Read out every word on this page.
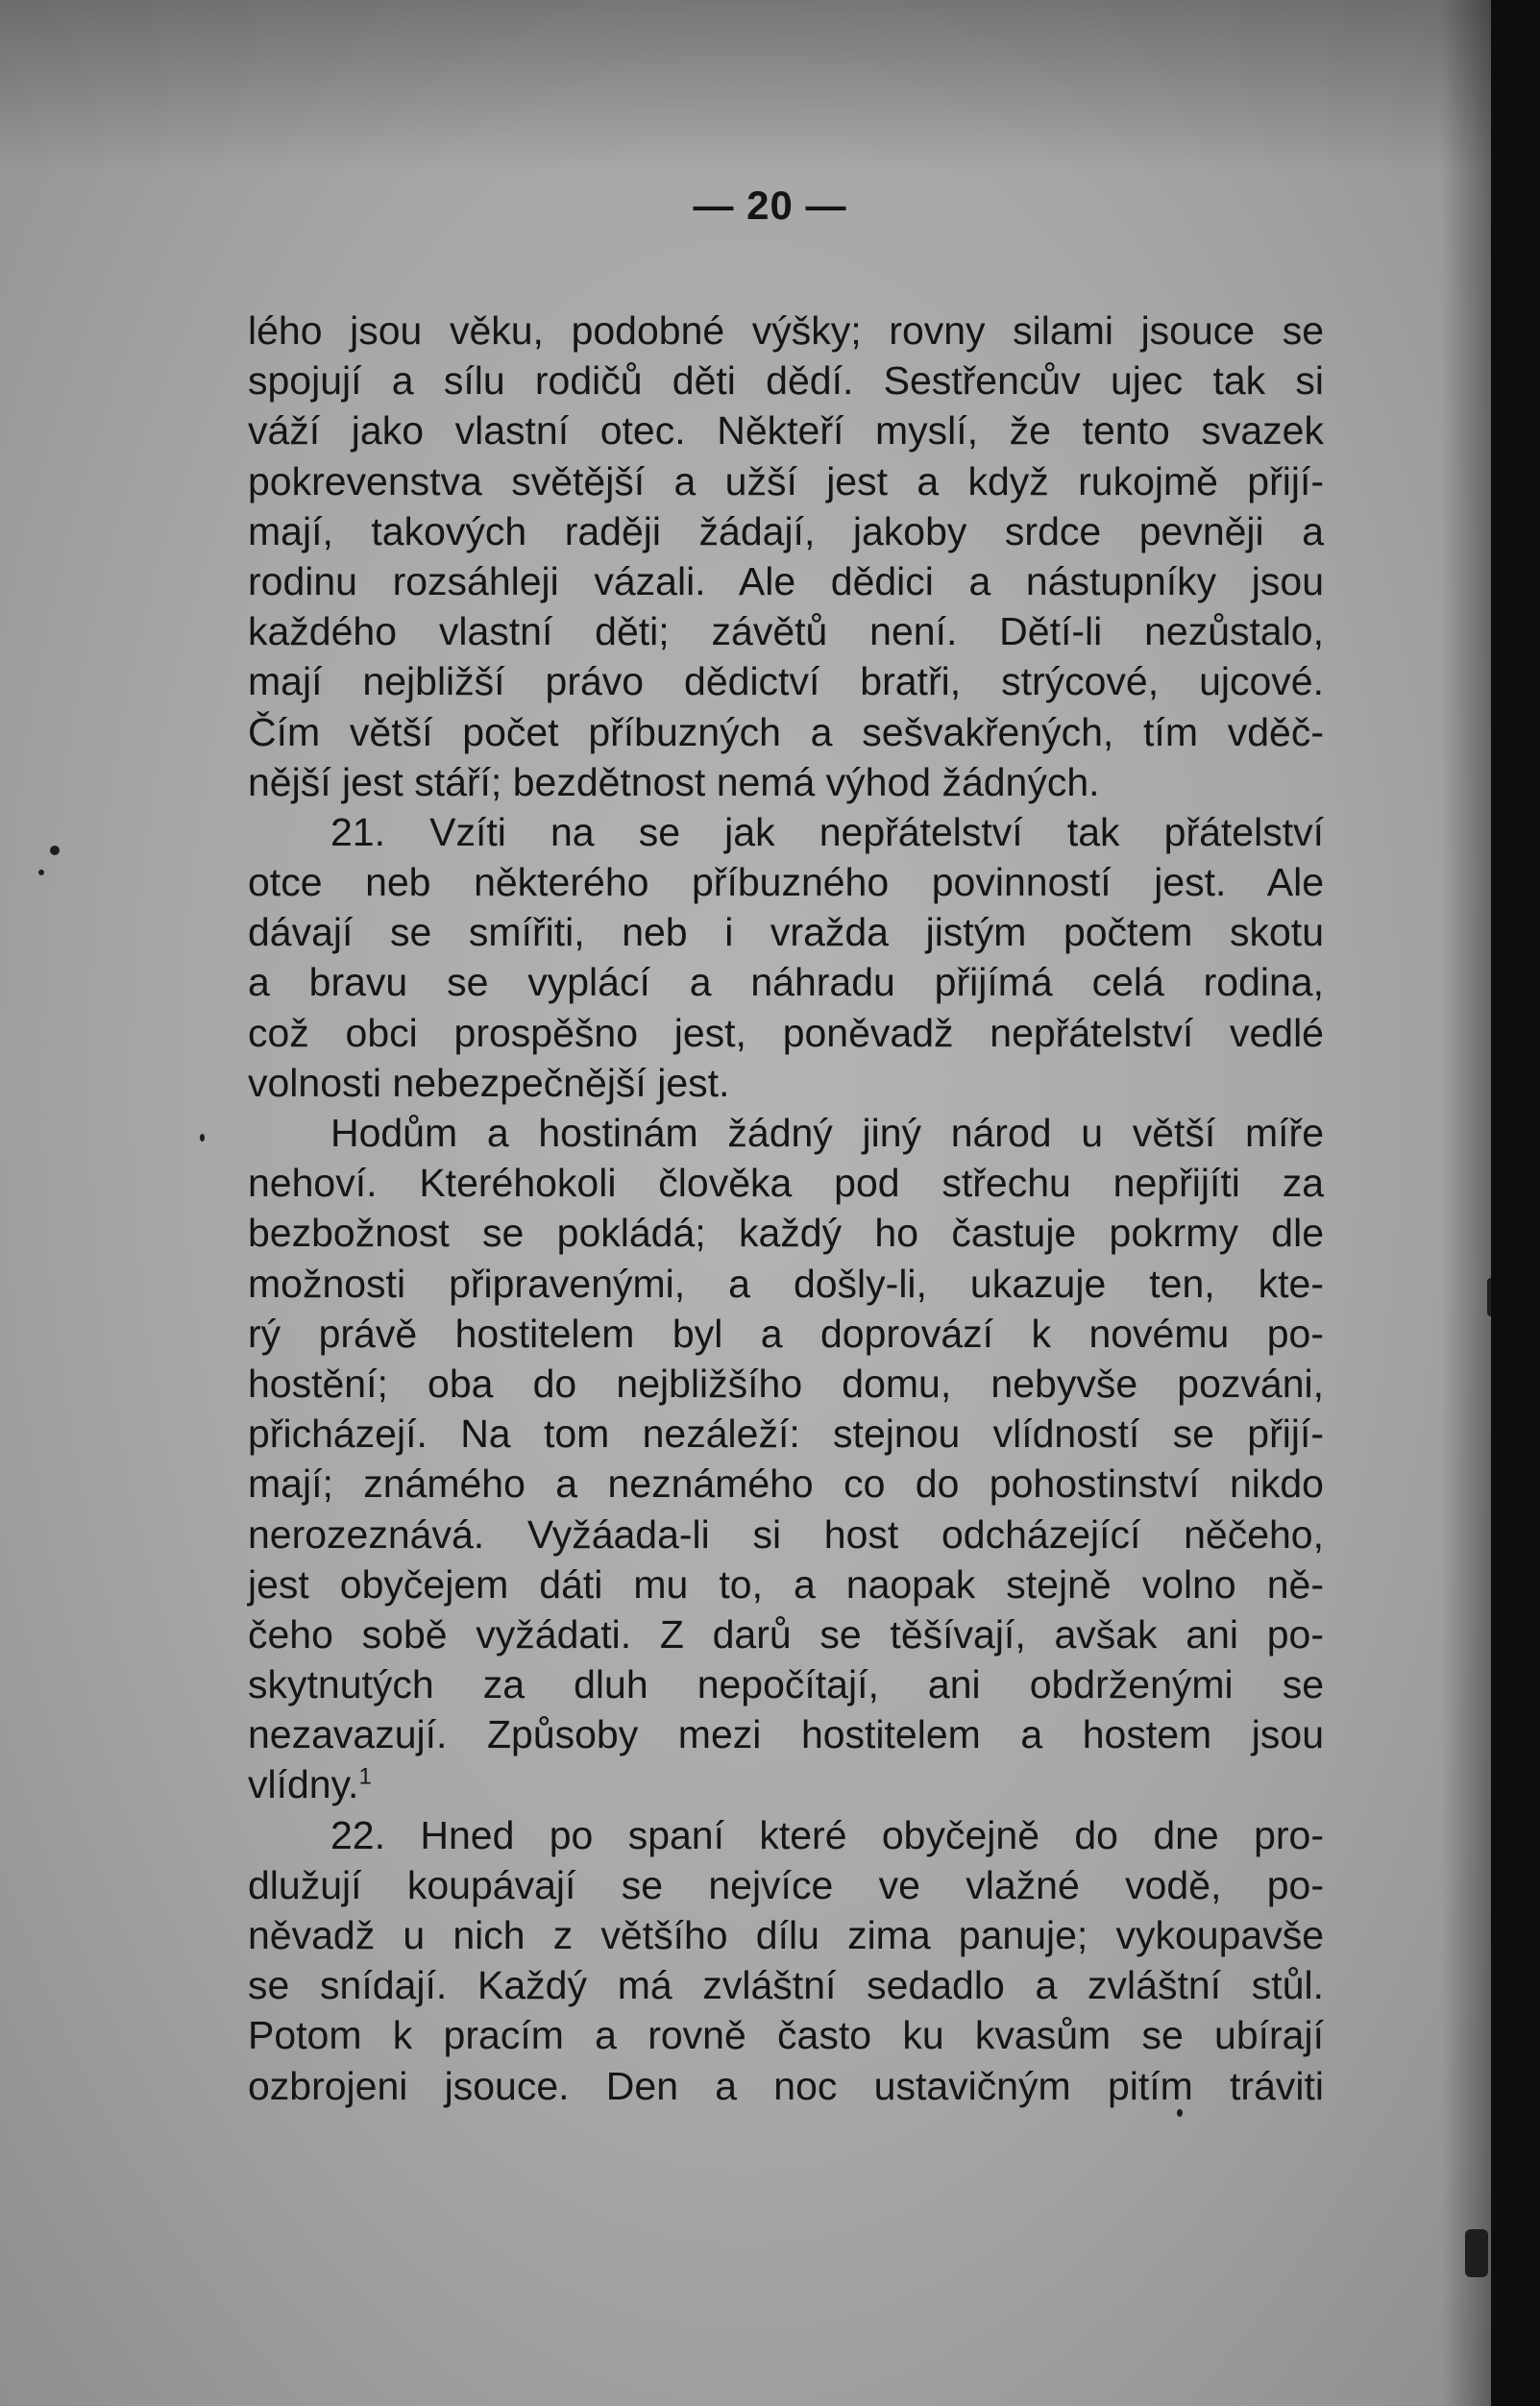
— 20 —
lého jsou věku, podobné výšky; rovny silami jsouce se
spojují a sílu rodičů děti dědí. Sestřencův ujec tak si
váží jako vlastní otec. Někteří myslí, že tento svazek
pokrevenstva světější a užší jest a když rukojmě přijí-
mají, takových raději žádají, jakoby srdce pevněji a
rodinu rozsáhleji vázali. Ale dědici a nástupníky jsou
každého vlastní děti; závětů není. Dětí-li nezůstalo,
mají nejbližší právo dědictví bratři, strýcové, ujcové.
Čím větší počet příbuzných a sešvakřených, tím vděč-
nější jest stáří; bezdětnost nemá výhod žádných.
21. Vzíti na se jak nepřátelství tak přátelství
otce neb některého příbuzného povinností jest. Ale
dávají se smířiti, neb i vražda jistým počtem skotu
a bravu se vyplácí a náhradu přijímá celá rodina,
což obci prospěšno jest, poněvadž nepřátelství vedlé
volnosti nebezpečnější jest.
Hodům a hostinám žádný jiný národ u větší míře
nehoví. Kteréhokoli člověka pod střechu nepřijíti za
bezbožnost se pokládá; každý ho častuje pokrmy dle
možnosti připravenými, a došly-li, ukazuje ten, kte-
rý právě hostitelem byl a doprovází k novému po-
hostění; oba do nejbližšího domu, nebyvše pozváni,
přicházejí. Na tom nezáleží: stejnou vlídností se přijí-
mají; známého a neznámého co do pohostinství nikdo
nerozeznává. Vyžáada-li si host odcházející něčeho,
jest obyčejem dáti mu to, a naopak stejně volno ně-
čeho sobě vyžádati. Z darů se těšívají, avšak ani po-
skytnutých za dluh nepočítají, ani obdrženými se
nezavazují. Způsoby mezi hostitelem a hostem jsou
vlídny.$^1$
22. Hned po spaní které obyčejně do dne pro-
dlužují koupávají se nejvíce ve vlažné vodě, po-
něvadž u nich z většího dílu zima panuje; vykoupavše
se snídají. Každý má zvláštní sedadlo a zvláštní stůl.
Potom k pracím a rovně často ku kvasům se ubírají
ozbrojeni jsouce. Den a noc ustavičným pitím tráviti
